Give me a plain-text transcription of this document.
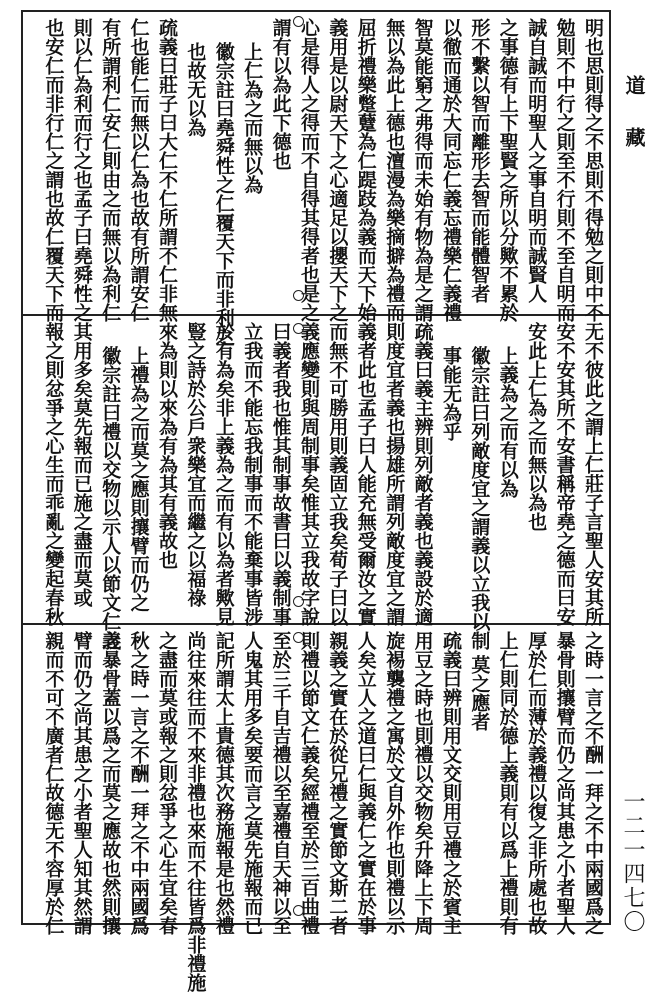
道　藏
一二一四七〇
明也思則得之不思則不得勉之則中不
勉則不中行之則至不行則不至自明而
誠自誠而明聖人之事自明而誠賢人
之事德有上下聖賢之所以分歟不累於
形不繫以智而離形去智而能體智者
以徹而通於大同忘仁義忘禮樂仁義禮
智莫能窮之弗得而未始有物為是之謂
無以為此上德也澶漫為樂摘擗為禮而
屈折禮樂蹩躠為仁踶跂為義而天下始
義用是以尉天下之心適足以攖天下之
心是得人之得而不自得其得者也是之
謂有以為此下德也
上仁為之而無以為
徽宗註曰堯舜性之仁覆天下而非利之
也故无以為
疏義曰莊子曰大仁不仁所謂不仁非無
仁也能仁而無以仁為也故有所謂安仁
有所謂利仁安仁則由之而無以為利仁
則以仁為利而行之也孟子曰堯舜性之
也安仁而非行仁之謂也故仁覆天下而
无不彼此之謂上仁莊子言聖人安其所
安不安其所不安書稱帝堯之德而曰安
安此上仁為之而無以為也
上義為之而有以為
徽宗註曰列敵度宜之謂義以立我以制
事能无為乎
疏義曰義主辨則列敵者義也義設於適
則度宜者義也揚雄所謂列敵度宜之謂
義者此也孟子曰人能充無受爾汝之實
而無不可勝用則義固立我矣荀子曰以
義應變則與周制事矣惟其立我故字說
曰義者我也惟其制事故書曰以義制事
立我而不能忘我制事而不能棄事皆涉
於有為矣非上義為之而有以為者歟見
豎之詩於公戶衆樂宜而繼之以福祿
來為則以來為有為其有義故也
上禮為之而莫之應則攘臂而仍之
徽宗註曰禮以交物以示人以節文仁義
其用多矣莫先報而已施之盡而莫或
報之則忿爭之心生而乖亂之變起春秋
之時一言之不酬一拜之不中兩國爲之
暴骨則攘臂而仍之尚其患之小者聖人
厚於仁而薄於義禮以復之非所處也故
上仁則同於德上義則有以爲上禮則有
莫之應者
疏義曰辨則用文交則用豆禮之於賓主
用豆之時也則禮以交物矣升降上下周
旋裼襲禮之寓於文自外作也則禮以示
人矣立人之道曰仁與義仁之實在於事
親義之實在於從兄禮之實節文斯二者
則禮以節文仁義矣經禮至於三百曲禮
至於三千自吉禮以至嘉禮自天神以至
人鬼其用多矣要而言之莫先施報而已
記所謂太上貴德其次務施報是也然禮
尚往來往而不來非禮也來而不往皆爲非禮施
之盡而莫或報之則忿爭之心生宜矣春
秋之時一言之不酬一拜之不中兩國爲
之暴骨蓋以爲之而莫之應故也然則攘
臂而仍之尚其患之小者聖人知其然謂
親而不可不廣者仁故德无不容厚於仁
